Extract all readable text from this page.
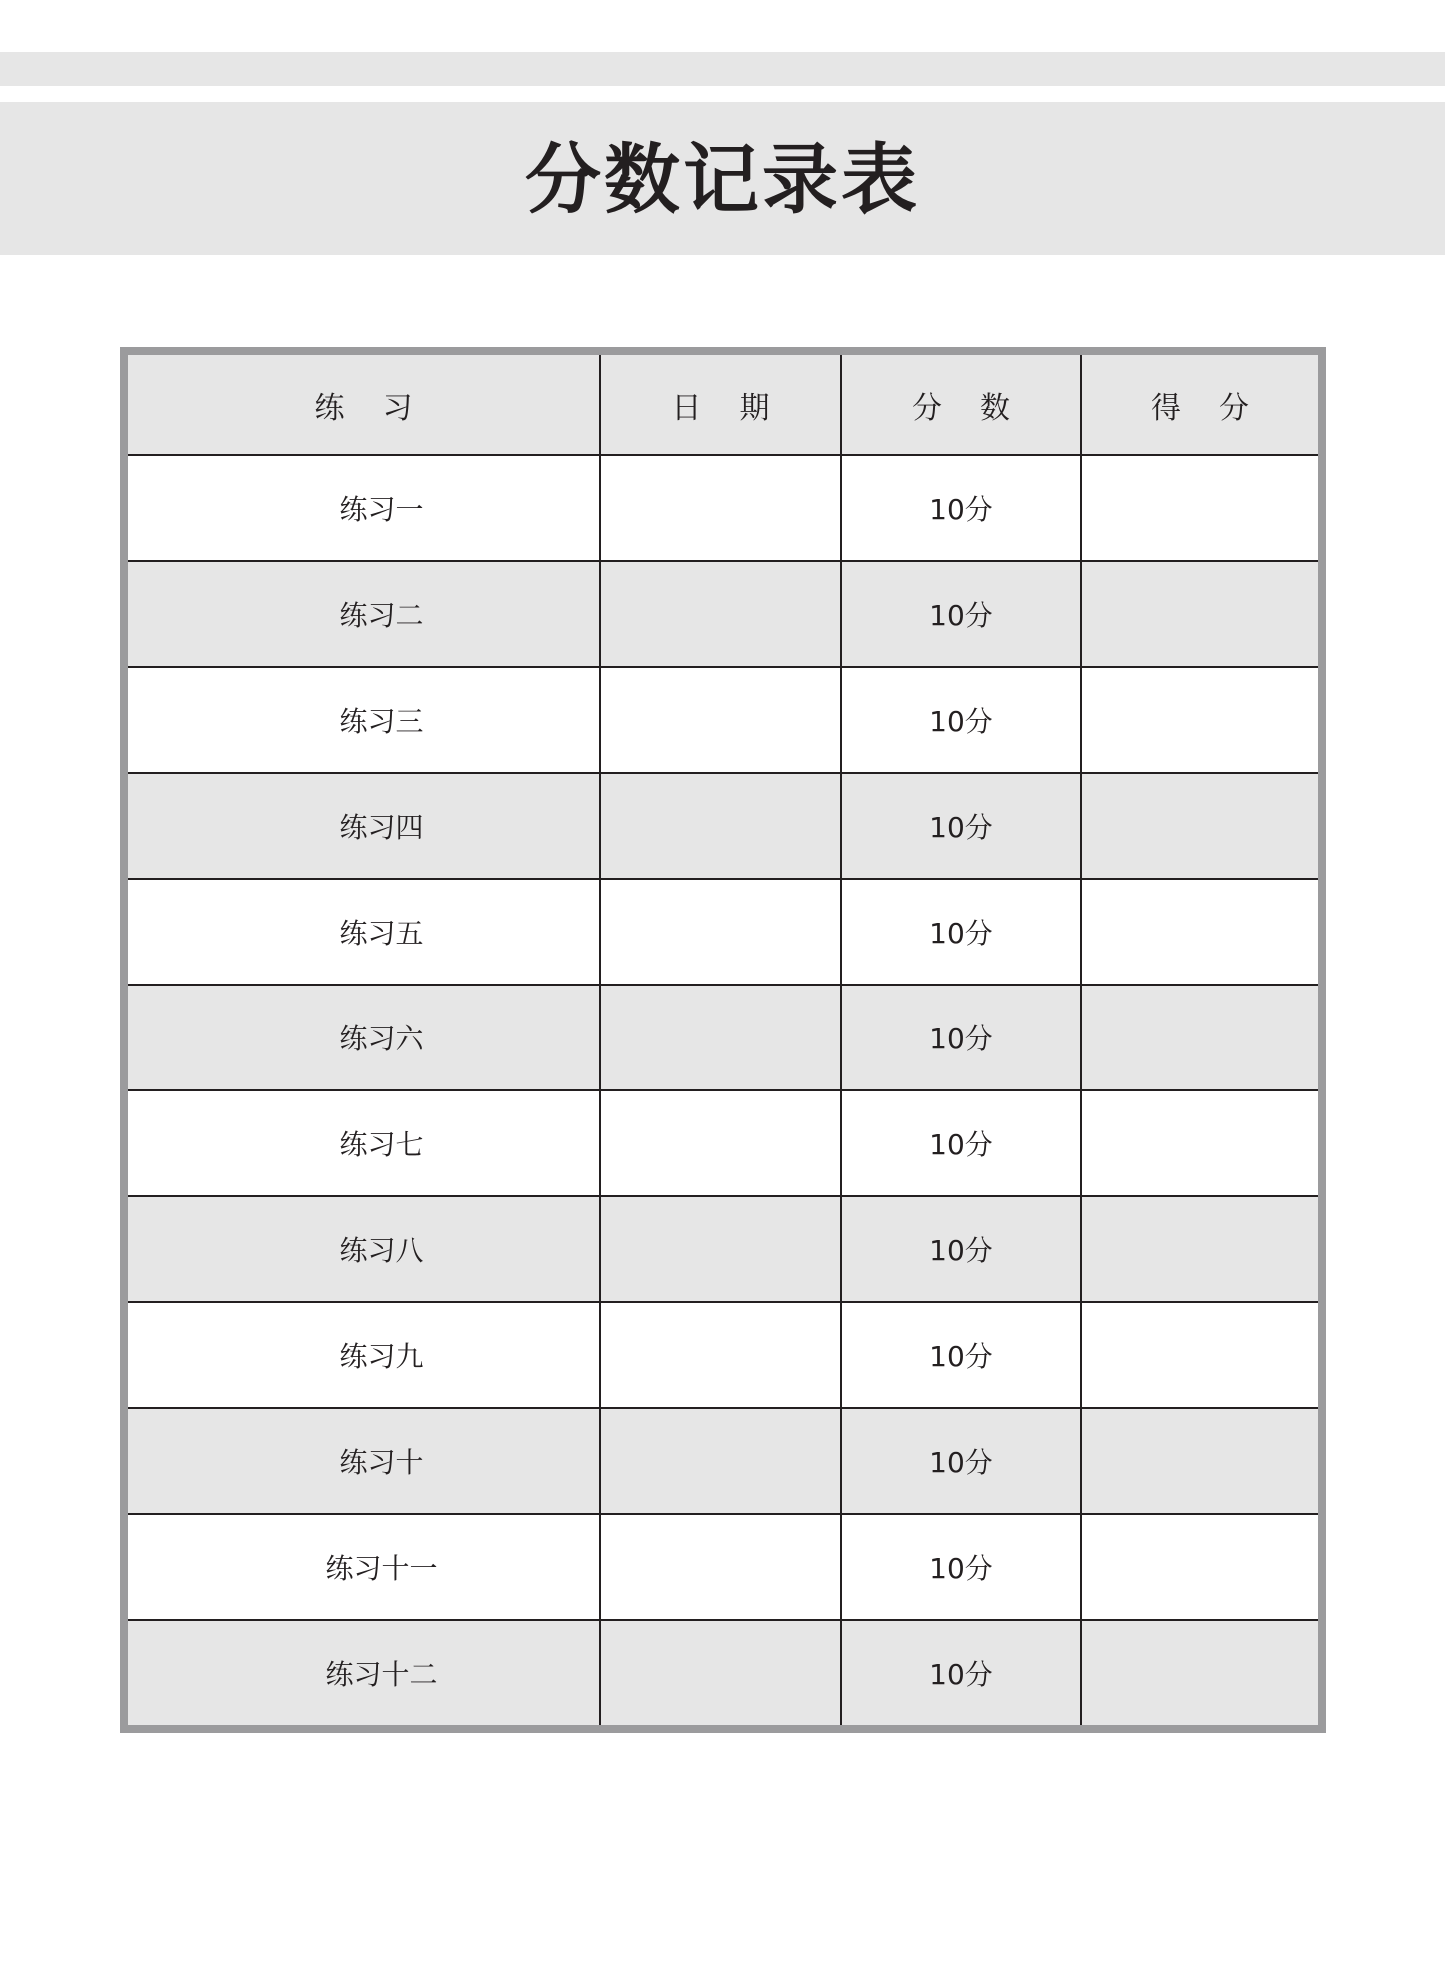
分数记录表
练习	日期	分数	得分
练习一		10分	
练习二		10分	
练习三		10分	
练习四		10分	
练习五		10分	
练习六		10分	
练习七		10分	
练习八		10分	
练习九		10分	
练习十		10分	
练习十一		10分	
练习十二		10分	
